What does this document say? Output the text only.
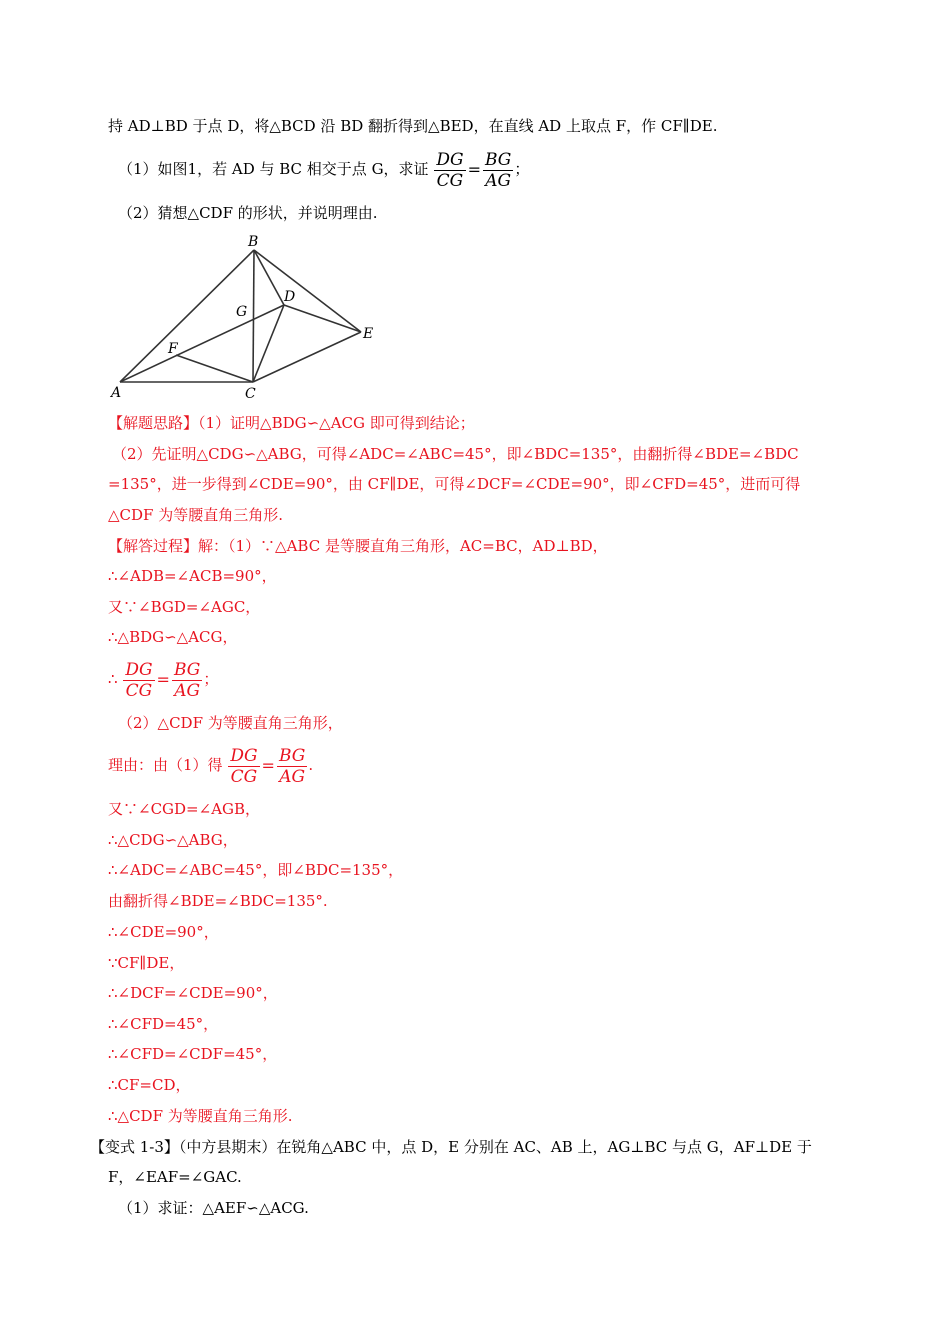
持 AD⊥BD 于点 D，将△BCD 沿 BD 翻折得到△BED，在直线 AD 上取点 F，作 CF∥DE.
（1）如图1，若 AD 与 BC 相交于点 G，求证 $\frac{DG}{CG} = \frac{BG}{AG}$ ；
（2）猜想△CDF 的形状，并说明理由.
B
D
G
E
F
A	C
【解题思路】（1）证明△BDG∽△ACG 即可得到结论；
（2）先证明△CDG∽△ABG，可得∠ADC=∠ABC=45°，即∠BDC=135°，由翻折得∠BDE=∠BDC
=135°，进一步得到∠CDE=90°，由 CF∥DE，可得∠DCF=∠CDE=90°，即∠CFD=45°，进而可得
△CDF 为等腰直角三角形.
【解答过程】解：（1）∵△ABC 是等腰直角三角形，AC=BC，AD⊥BD，
∴∠ADB=∠ACB=90°，
又∵∠BGD=∠AGC，
∴△BDG∽△ACG，
∴ $\frac{DG}{CG} = \frac{BG}{AG}$ ；
（2）△CDF 为等腰直角三角形，
理由：由（1）得 $\frac{DG}{CG} = \frac{BG}{AG}$ .
又∵∠CGD=∠AGB，
∴△CDG∽△ABG，
∴∠ADC=∠ABC=45°，即∠BDC=135°，
由翻折得∠BDE=∠BDC=135°.
∴∠CDE=90°，
∵CF∥DE，
∴∠DCF=∠CDE=90°，
∴∠CFD=45°，
∴∠CFD=∠CDF=45°，
∴CF=CD，
∴△CDF 为等腰直角三角形.
【变式 1-3】（中方县期末）在锐角△ABC 中，点 D，E 分别在 AC、AB 上，AG⊥BC 与点 G，AF⊥DE 于
F，∠EAF=∠GAC.
（1）求证：△AEF∽△ACG.
